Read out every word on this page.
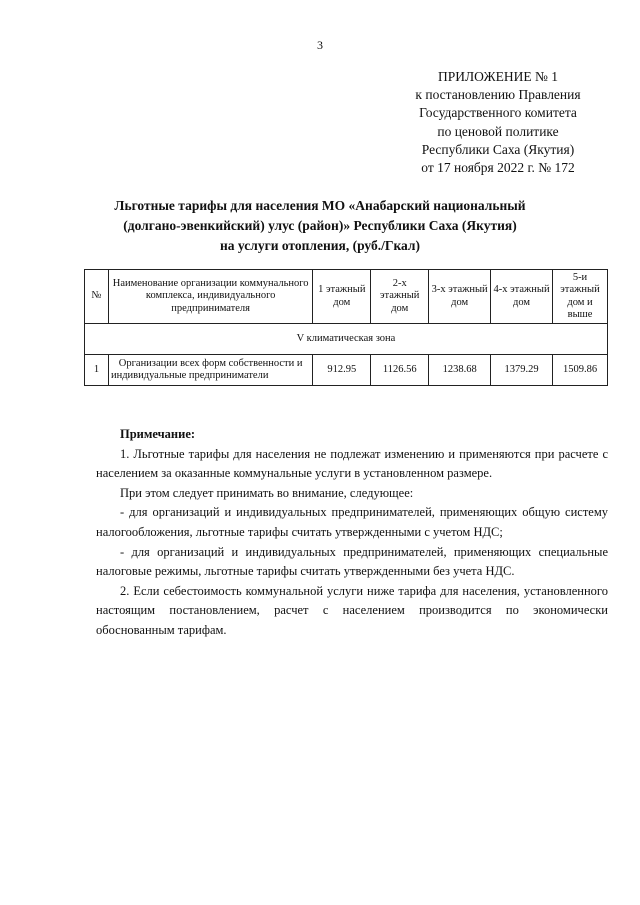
3
ПРИЛОЖЕНИЕ № 1
к постановлению Правления
Государственного комитета
по ценовой политике
Республики Саха (Якутия)
от 17 ноября 2022 г. № 172
Льготные тарифы для населения МО «Анабарский национальный
(долгано-эвенкийский) улус (район)» Республики Саха (Якутия)
на услуги отопления, (руб./Гкал)
№	Наименование организации коммунального комплекса, индивидуального предпринимателя	1 этажный дом	2-х этажный дом	3-х этажный дом	4-х этажный дом	5-и этажный дом и выше
V климатическая зона						
1	Организации всех форм собственности и индивидуальные предприниматели	912.95	1126.56	1238.68	1379.29	1509.86

Примечание:

1. Льготные тарифы для населения не подлежат изменению и применяются при расчете с населением за оказанные коммунальные услуги в установленном размере.

При этом следует принимать во внимание, следующее:

- для организаций и индивидуальных предпринимателей, применяющих общую систему налогообложения, льготные тарифы считать утвержденными с учетом НДС;

- для организаций и индивидуальных предпринимателей, применяющих специальные налоговые режимы, льготные тарифы считать утвержденными без учета НДС.

2. Если себестоимость коммунальной услуги ниже тарифа для населения, установленного настоящим постановлением, расчет с населением производится по экономически обоснованным тарифам.
